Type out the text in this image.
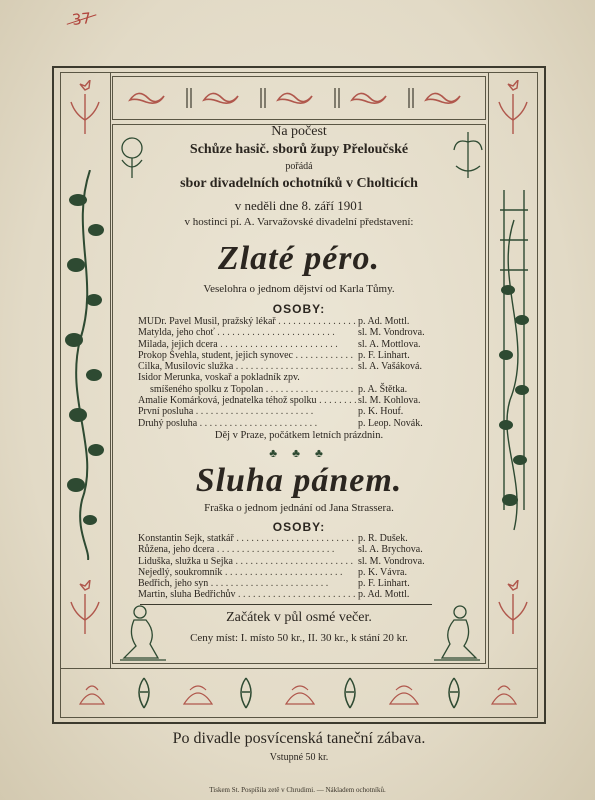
37
Na počest
Schůze hasič. sborů župy Přeloučské
pořádá
sbor divadelních ochotníků v Cholticích
v neděli dne 8. září 1901
v hostinci pí. A. Varvažovské divadelní představení:
Zlaté péro.
Veselohra o jednom dějství od Karla Tůmy.
OSOBY:
MUDr. Pavel Musil, pražský lékař . . .	p. Ad. Mottl.
Matylda, jeho choť . . .	sl. M. Vondrova.
Milada, jejich dcera . . .	sl. A. Mottlova.
Prokop Švehla, student, jejich synovec . . .	p. F. Linhart.
Cilka, Musilovic služka . . .	sl. A. Vašáková.
Isidor Merunka, voskař a pokladník zpv.
smíšeného spolku z Topolan . . .	p. A. Štětka.
Amalie Komárková, jednatelka téhož spolku . . .	sl. M. Kohlova.
První posluha . . .	p. K. Houf.
Druhý posluha . . .	p. Leop. Novák.
Děj v Praze, počátkem letních prázdnin.
♣ ♣ ♣
Sluha pánem.
Fraška o jednom jednání od Jana Strassera.
OSOBY:
Konstantin Sejk, statkář . . .	p. R. Dušek.
Růžena, jeho dcera . . .	sl. A. Brychova.
Liduška, služka u Sejka . . .	sl. M. Vondrova.
Nejedlý, soukromník . . .	p. K. Vávra.
Bedřich, jeho syn . . .	p. F. Linhart.
Martin, sluha Bedřichův . . .	p. Ad. Mottl.
Začátek v půl osmé večer.
Ceny míst: I. místo 50 kr., II. 30 kr., k stání 20 kr.
Po divadle posvícenská taneční zábava.
Vstupné 50 kr.
Tiskem St. Pospíšila zetě v Chrudimi. — Nákladem ochotníků.
